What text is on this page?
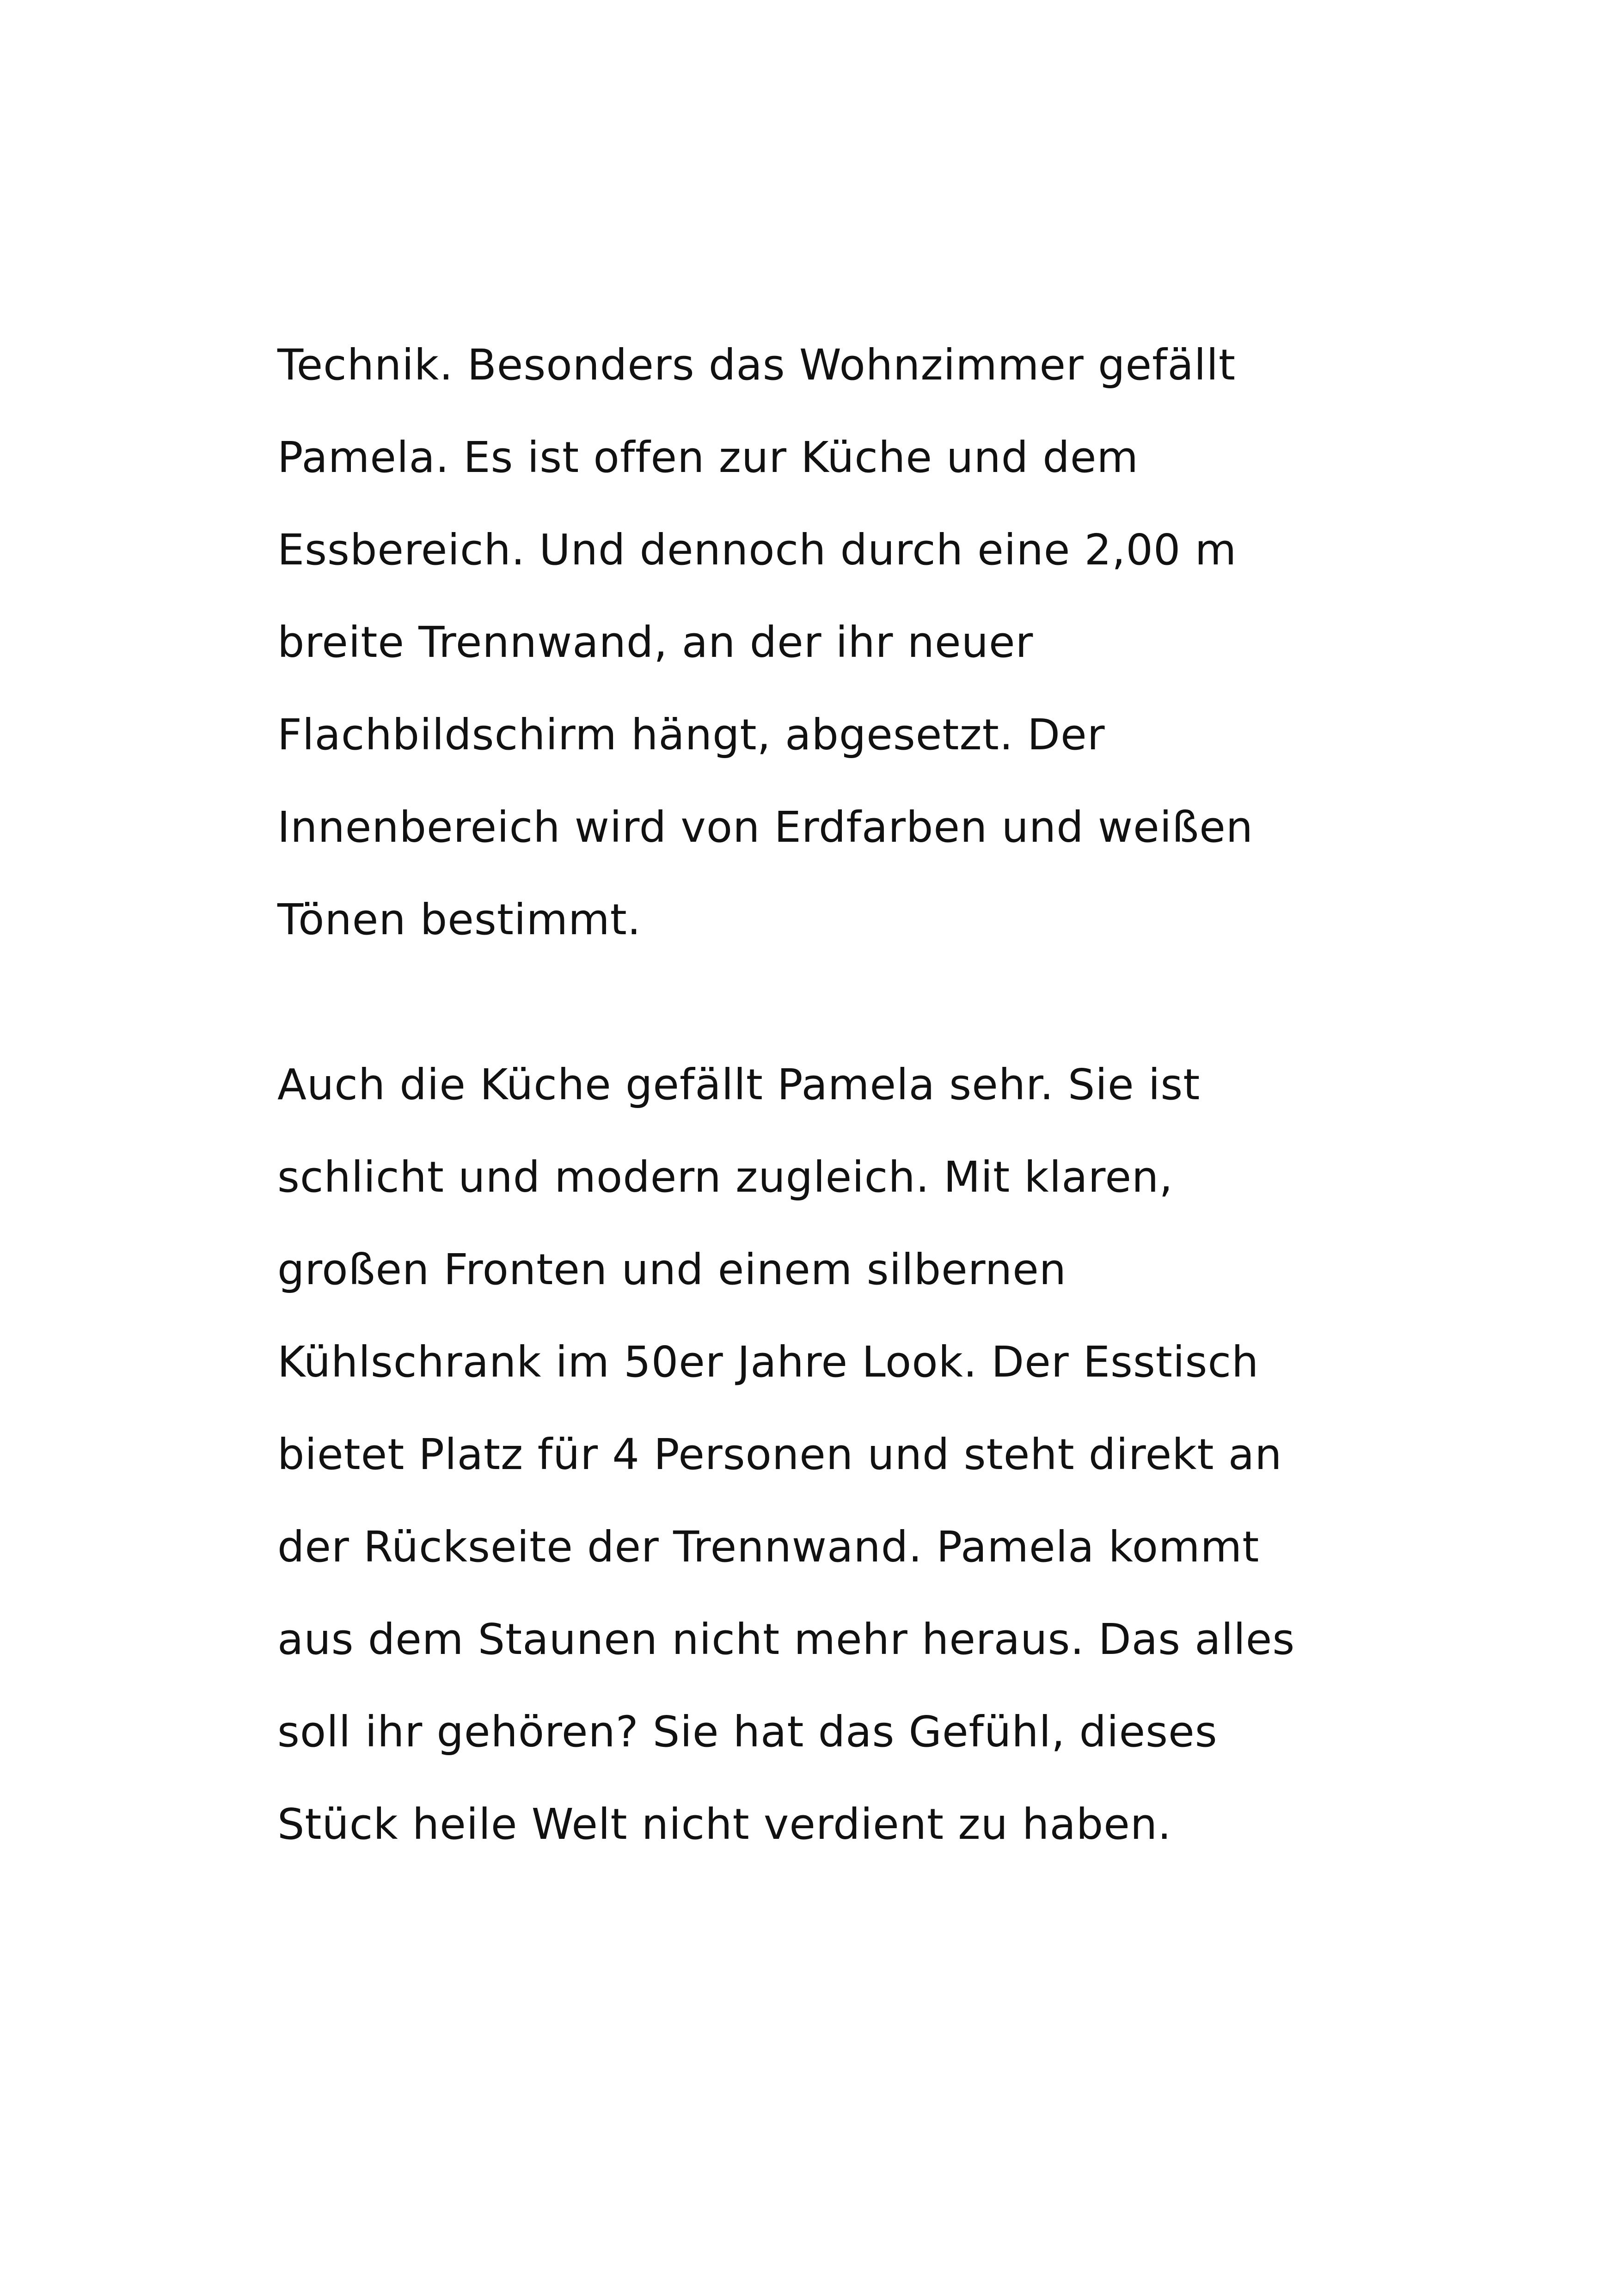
Technik. Besonders das Wohnzimmer gefällt
Pamela. Es ist offen zur Küche und dem
Essbereich. Und dennoch durch eine 2,00 m
breite Trennwand, an der ihr neuer
Flachbildschirm hängt, abgesetzt. Der
Innenbereich wird von Erdfarben und weißen
Tönen bestimmt.
Auch die Küche gefällt Pamela sehr. Sie ist
schlicht und modern zugleich. Mit klaren,
großen Fronten und einem silbernen
Kühlschrank im 50er Jahre Look. Der Esstisch
bietet Platz für 4 Personen und steht direkt an
der Rückseite der Trennwand. Pamela kommt
aus dem Staunen nicht mehr heraus. Das alles
soll ihr gehören? Sie hat das Gefühl, dieses
Stück heile Welt nicht verdient zu haben.
